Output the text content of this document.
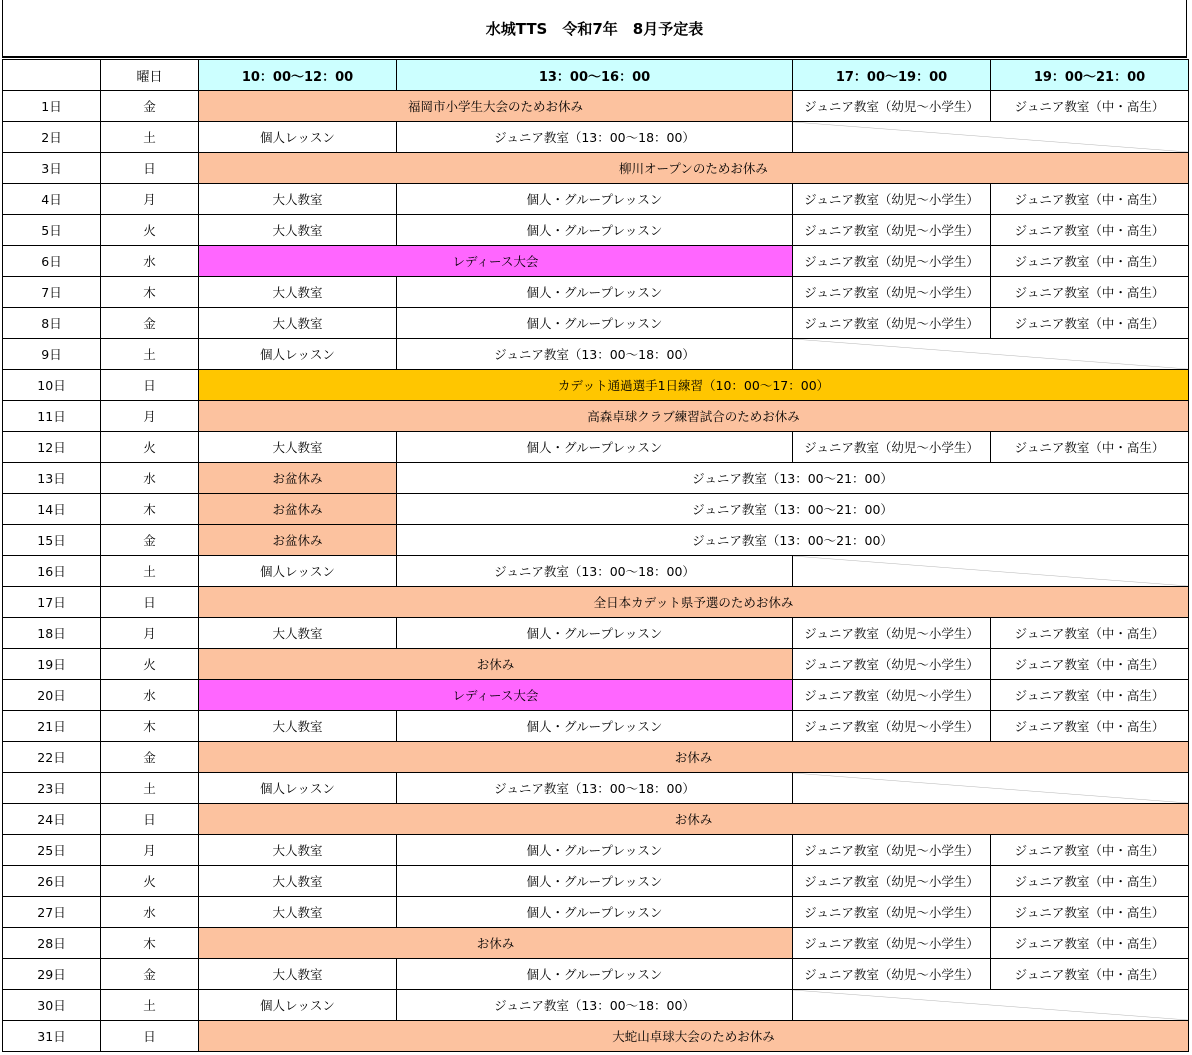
水城TTS　令和7年　8月予定表
	曜日	10：00～12：00	13：00～16：00	17：00～19：00	19：00～21：00
1日	金	福岡市小学生大会のためお休み		ジュニア教室（幼児～小学生）	ジュニア教室（中・高生）
2日	土	個人レッスン	ジュニア教室（13：00～18：00）	

3日	日	柳川オープンのためお休み			
4日	月	大人教室	個人・グループレッスン	ジュニア教室（幼児～小学生）	ジュニア教室（中・高生）
5日	火	大人教室	個人・グループレッスン	ジュニア教室（幼児～小学生）	ジュニア教室（中・高生）
6日	水	レディース大会		ジュニア教室（幼児～小学生）	ジュニア教室（中・高生）
7日	木	大人教室	個人・グループレッスン	ジュニア教室（幼児～小学生）	ジュニア教室（中・高生）
8日	金	大人教室	個人・グループレッスン	ジュニア教室（幼児～小学生）	ジュニア教室（中・高生）
9日	土	個人レッスン	ジュニア教室（13：00～18：00）	

10日	日	カデット通過選手1日練習（10：00～17：00）			
11日	月	高森卓球クラブ練習試合のためお休み			
12日	火	大人教室	個人・グループレッスン	ジュニア教室（幼児～小学生）	ジュニア教室（中・高生）
13日	水	お盆休み	ジュニア教室（13：00～21：00）		
14日	木	お盆休み	ジュニア教室（13：00～21：00）		
15日	金	お盆休み	ジュニア教室（13：00～21：00）		
16日	土	個人レッスン	ジュニア教室（13：00～18：00）	

17日	日	全日本カデット県予選のためお休み			
18日	月	大人教室	個人・グループレッスン	ジュニア教室（幼児～小学生）	ジュニア教室（中・高生）
19日	火	お休み		ジュニア教室（幼児～小学生）	ジュニア教室（中・高生）
20日	水	レディース大会		ジュニア教室（幼児～小学生）	ジュニア教室（中・高生）
21日	木	大人教室	個人・グループレッスン	ジュニア教室（幼児～小学生）	ジュニア教室（中・高生）
22日	金	お休み			
23日	土	個人レッスン	ジュニア教室（13：00～18：00）	

24日	日	お休み			
25日	月	大人教室	個人・グループレッスン	ジュニア教室（幼児～小学生）	ジュニア教室（中・高生）
26日	火	大人教室	個人・グループレッスン	ジュニア教室（幼児～小学生）	ジュニア教室（中・高生）
27日	水	大人教室	個人・グループレッスン	ジュニア教室（幼児～小学生）	ジュニア教室（中・高生）
28日	木	お休み		ジュニア教室（幼児～小学生）	ジュニア教室（中・高生）
29日	金	大人教室	個人・グループレッスン	ジュニア教室（幼児～小学生）	ジュニア教室（中・高生）
30日	土	個人レッスン	ジュニア教室（13：00～18：00）	

31日	日	大蛇山卓球大会のためお休み			
